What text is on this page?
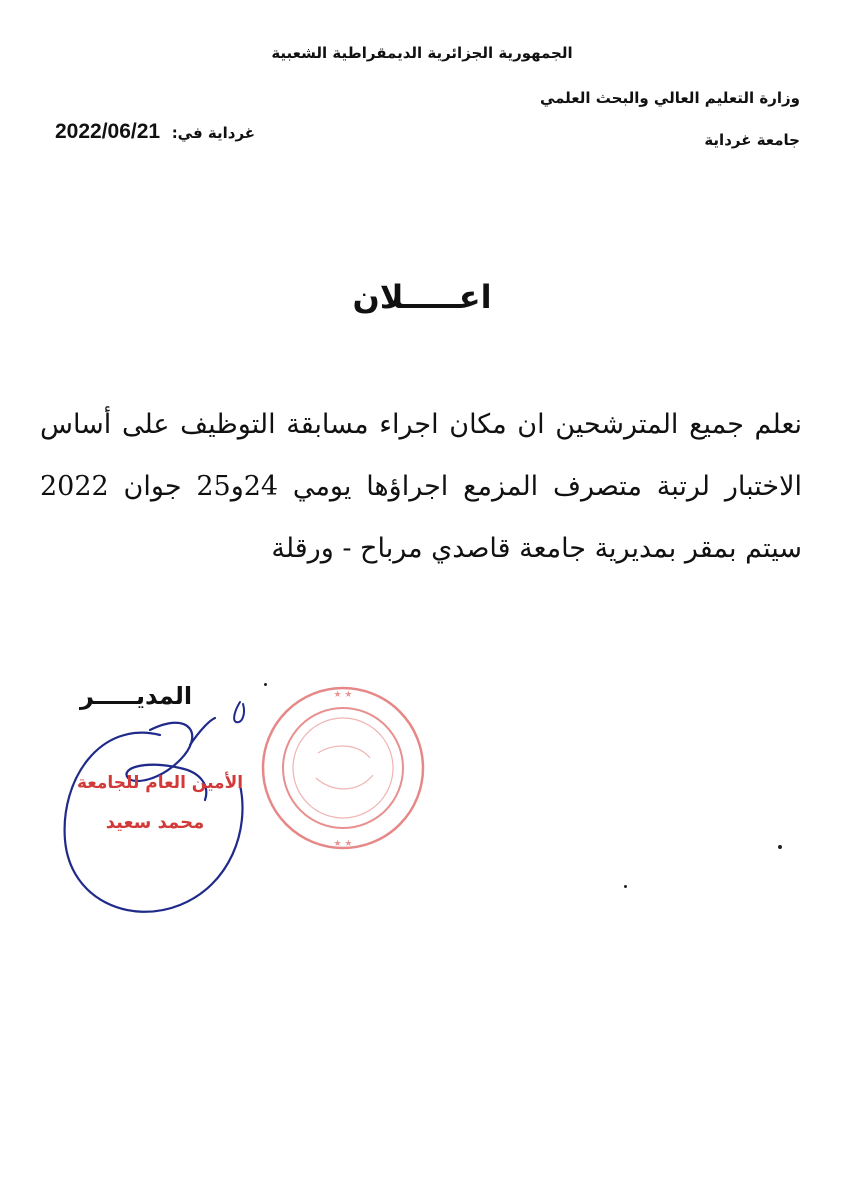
الجمهورية الجزائرية الديمقراطية الشعبية
وزارة التعليم العالي والبحث العلمي
جامعة غرداية
2022/06/21 غرداية في:
اعـــــلان
نعلم جميع المترشحين ان مكان اجراء مسابقة التوظيف على أساس الاختبار لرتبة متصرف المزمع اجراؤها يومي 24و25 جوان 2022 سيتم بمقر بمديرية جامعة قاصدي مرباح - ورقلة
المديـــــر
الأمين العام للجامعة
محمد سعيد
★ ★
★ ★
